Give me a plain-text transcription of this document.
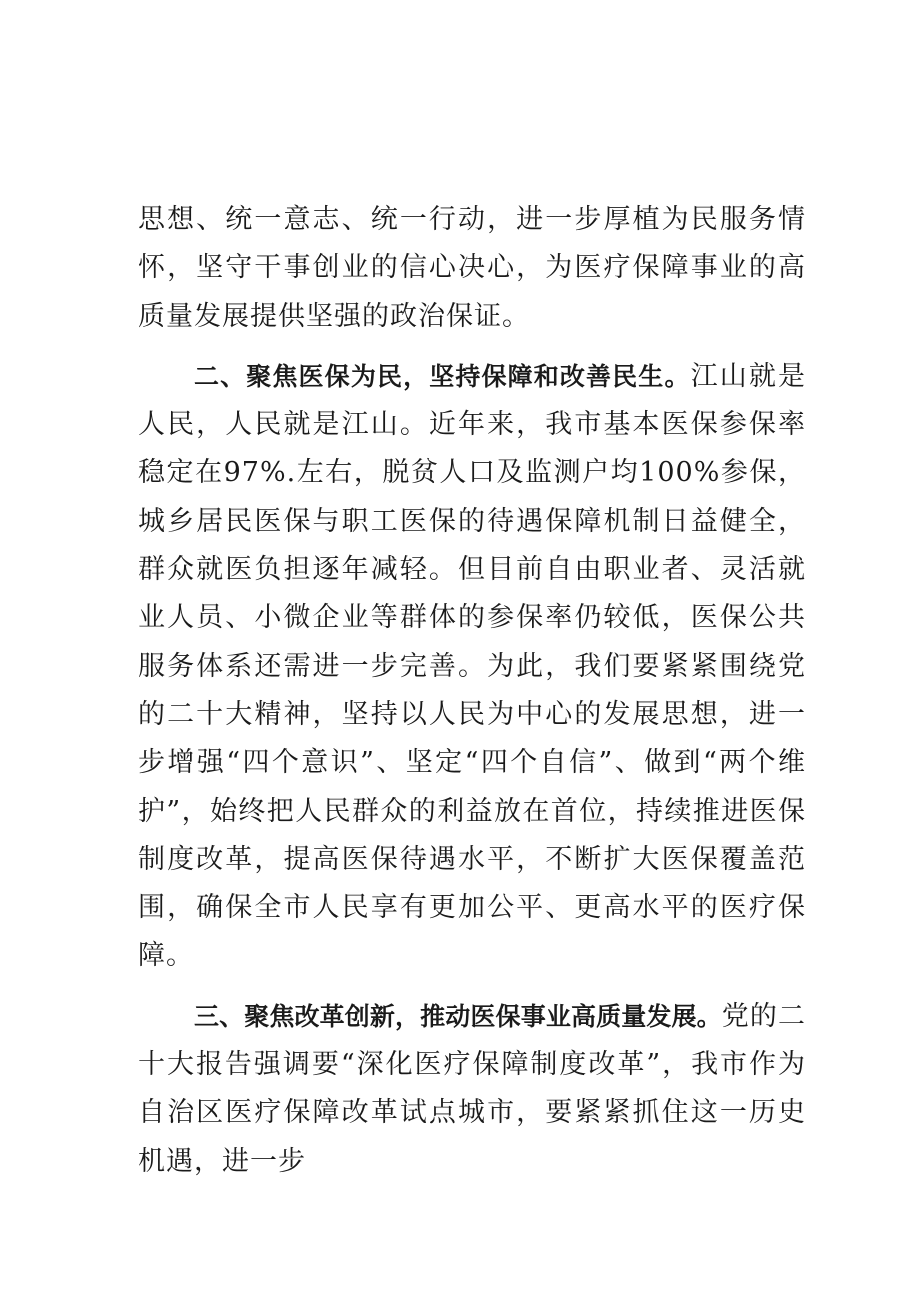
思想、统一意志、统一行动，进一步厚植为民服务情怀，坚守干事创业的信心决心，为医疗保障事业的高质量发展提供坚强的政治保证。

二、聚焦医保为民，坚持保障和改善民生。江山就是人民，人民就是江山。近年来，我市基本医保参保率稳定在97%.左右，脱贫人口及监测户均100%参保，城乡居民医保与职工医保的待遇保障机制日益健全，群众就医负担逐年减轻。但目前自由职业者、灵活就业人员、小微企业等群体的参保率仍较低，医保公共服务体系还需进一步完善。为此，我们要紧紧围绕党的二十大精神，坚持以人民为中心的发展思想，进一步增强“四个意识”、坚定“四个自信”、做到“两个维护”，始终把人民群众的利益放在首位，持续推进医保制度改革，提高医保待遇水平，不断扩大医保覆盖范围，确保全市人民享有更加公平、更高水平的医疗保障。

三、聚焦改革创新，推动医保事业高质量发展。党的二十大报告强调要“深化医疗保障制度改革”，我市作为自治区医疗保障改革试点城市，要紧紧抓住这一历史机遇，进一步
